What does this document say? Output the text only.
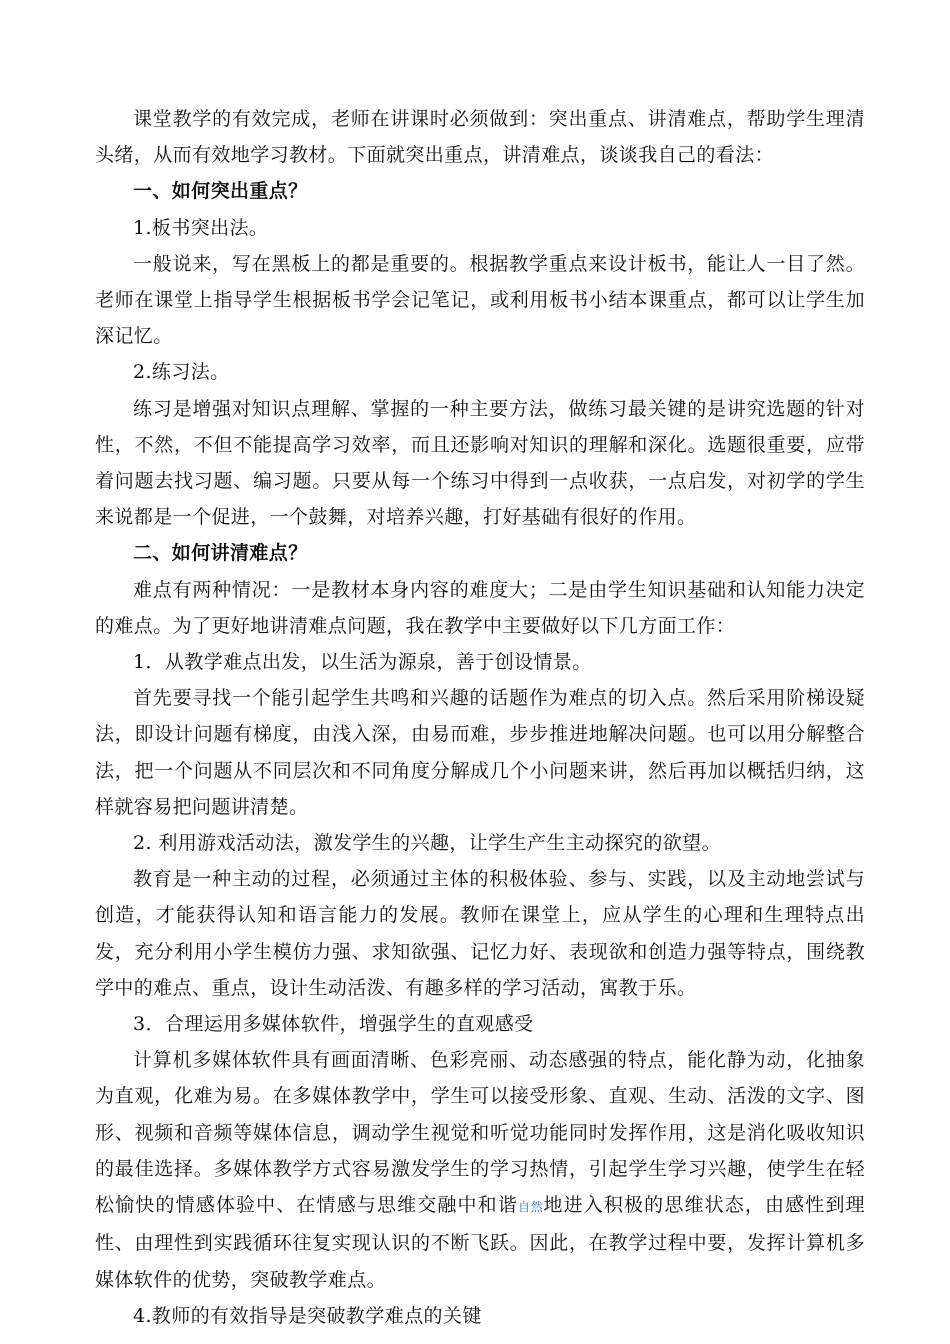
课堂教学的有效完成，老师在讲课时必须做到：突出重点、讲清难点，帮助学生理清头绪，从而有效地学习教材。下面就突出重点，讲清难点，谈谈我自己的看法：

一、如何突出重点？

1.板书突出法。

一般说来，写在黑板上的都是重要的。根据教学重点来设计板书，能让人一目了然。老师在课堂上指导学生根据板书学会记笔记，或利用板书小结本课重点，都可以让学生加深记忆。

2.练习法。

练习是增强对知识点理解、掌握的一种主要方法，做练习最关键的是讲究选题的针对性，不然，不但不能提高学习效率，而且还影响对知识的理解和深化。选题很重要，应带着问题去找习题、编习题。只要从每一个练习中得到一点收获，一点启发，对初学的学生来说都是一个促进，一个鼓舞，对培养兴趣，打好基础有很好的作用。

二、如何讲清难点？

难点有两种情况：一是教材本身内容的难度大；二是由学生知识基础和认知能力决定的难点。为了更好地讲清难点问题，我在教学中主要做好以下几方面工作：

1．从教学难点出发，以生活为源泉，善于创设情景。

首先要寻找一个能引起学生共鸣和兴趣的话题作为难点的切入点。然后采用阶梯设疑法，即设计问题有梯度，由浅入深，由易而难，步步推进地解决问题。也可以用分解整合法，把一个问题从不同层次和不同角度分解成几个小问题来讲，然后再加以概括归纳，这样就容易把问题讲清楚。

2. 利用游戏活动法，激发学生的兴趣，让学生产生主动探究的欲望。

教育是一种主动的过程，必须通过主体的积极体验、参与、实践，以及主动地尝试与创造，才能获得认知和语言能力的发展。教师在课堂上，应从学生的心理和生理特点出发，充分利用小学生模仿力强、求知欲强、记忆力好、表现欲和创造力强等特点，围绕教学中的难点、重点，设计生动活泼、有趣多样的学习活动，寓教于乐。

3．合理运用多媒体软件，增强学生的直观感受

计算机多媒体软件具有画面清晰、色彩亮丽、动态感强的特点，能化静为动，化抽象为直观，化难为易。在多媒体教学中，学生可以接受形象、直观、生动、活泼的文字、图形、视频和音频等媒体信息，调动学生视觉和听觉功能同时发挥作用，这是消化吸收知识的最佳选择。多媒体教学方式容易激发学生的学习热情，引起学生学习兴趣，使学生在轻松愉快的情感体验中、在情感与思维交融中和谐自然地进入积极的思维状态，由感性到理性、由理性到实践循环往复实现认识的不断飞跃。因此，在教学过程中要，发挥计算机多媒体软件的优势，突破教学难点。

4.教师的有效指导是突破教学难点的关键
